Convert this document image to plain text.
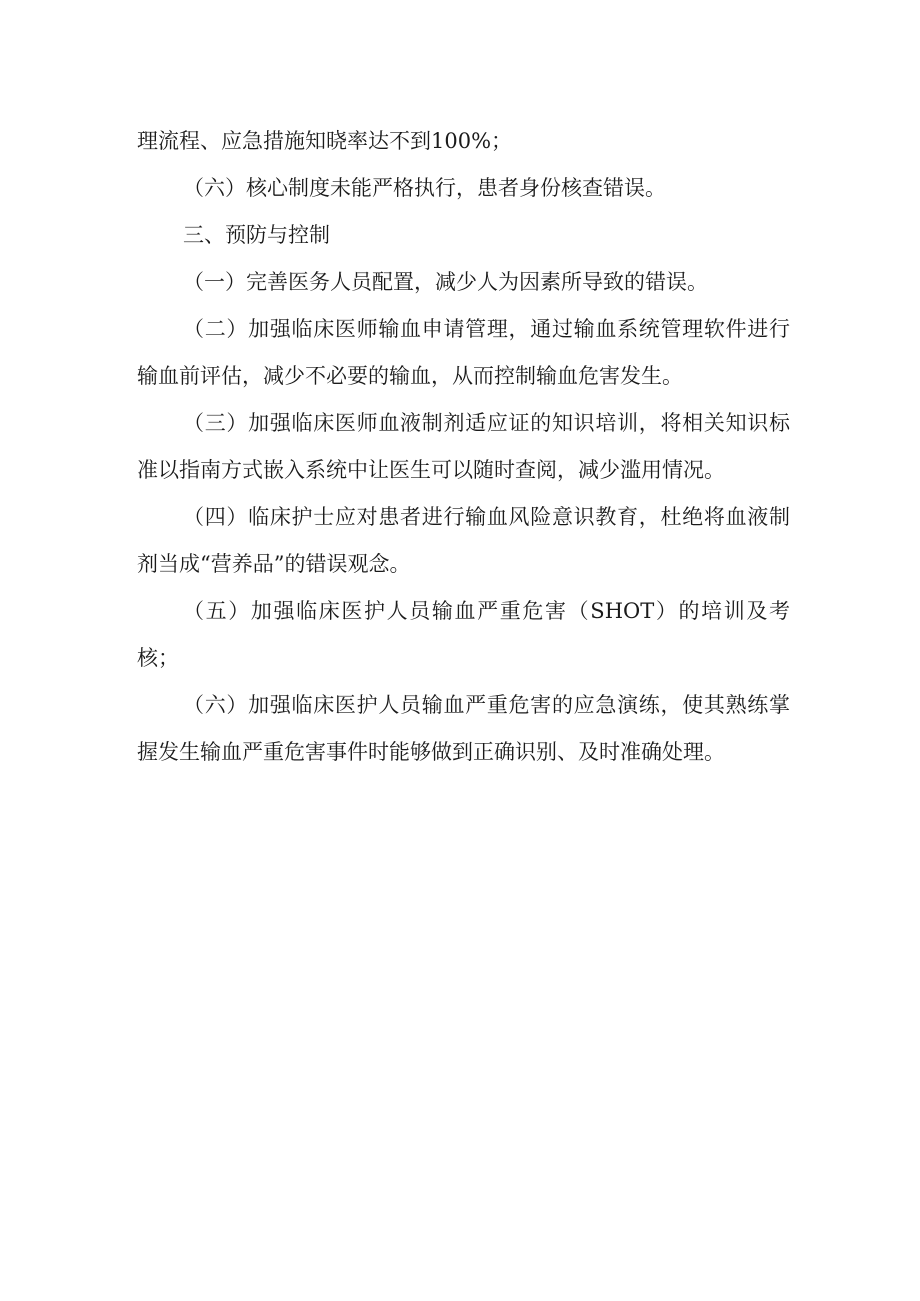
理流程、应急措施知晓率达不到100%；

（六）核心制度未能严格执行，患者身份核查错误。

三、预防与控制

（一）完善医务人员配置，减少人为因素所导致的错误。

（二）加强临床医师输血申请管理，通过输血系统管理软件进行输血前评估，减少不必要的输血，从而控制输血危害发生。

（三）加强临床医师血液制剂适应证的知识培训，将相关知识标准以指南方式嵌入系统中让医生可以随时查阅，减少滥用情况。

（四）临床护士应对患者进行输血风险意识教育，杜绝将血液制剂当成“营养品”的错误观念。

（五）加强临床医护人员输血严重危害（SHOT）的培训及考核；

（六）加强临床医护人员输血严重危害的应急演练，使其熟练掌握发生输血严重危害事件时能够做到正确识别、及时准确处理。
